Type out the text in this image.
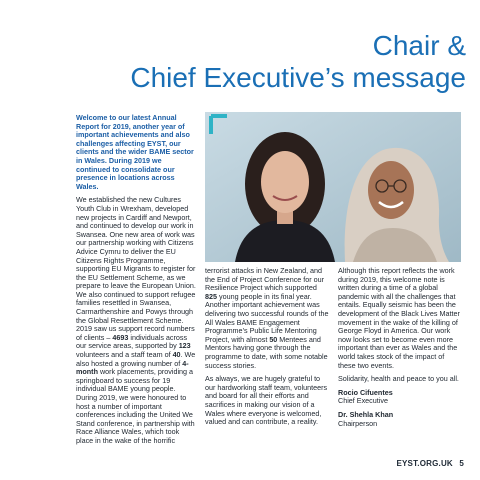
Chair &
Chief Executive’s message

Welcome to our latest Annual Report for 2019, another year of important achievements and also challenges affecting EYST, our clients and the wider BAME sector in Wales. During 2019 we continued to consolidate our presence in locations across Wales.

We established the new Cultures Youth Club in Wrexham, developed new projects in Cardiff and Newport, and continued to develop our work in Swansea. One new area of work was our partnership working with Citizens Advice Cymru to deliver the EU Citizens Rights Programme, supporting EU Migrants to register for the EU Settlement Scheme, as we prepare to leave the European Union. We also continued to support refugee families resettled in Swansea, Carmarthenshire and Powys through the Global Resettlement Scheme. 2019 saw us support record numbers of clients – 4693 individuals across our service areas, supported by 123 volunteers and a staff team of 40. We also hosted a growing number of 4-month work placements, providing a springboard to success for 19 individual BAME young people. During 2019, we were honoured to host a number of important conferences including the United We Stand conference, in partnership with Race Alliance Wales, which took place in the wake of the horrific

terrorist attacks in New Zealand, and the End of Project Conference for our Resilience Project which supported 825 young people in its final year. Another important achievement was delivering two successful rounds of the All Wales BAME Engagement Programme’s Public Life Mentoring Project, with almost 50 Mentees and Mentors having gone through the programme to date, with some notable success stories.

As always, we are hugely grateful to our hardworking staff team, volunteers and board for all their efforts and sacrifices in making our vision of a Wales where everyone is welcomed, valued and can contribute, a reality.

Although this report reflects the work during 2019, this welcome note is written during a time of a global pandemic with all the challenges that entails. Equally seismic has been the development of the Black Lives Matter movement in the wake of the killing of George Floyd in America. Our work now looks set to become even more important than ever as Wales and the world takes stock of the impact of these two events.

Solidarity, health and peace to you all.

Rocio Cifuentes
Chief Executive

Dr. Shehla Khan
Chairperson

EYST.ORG.UK 5
